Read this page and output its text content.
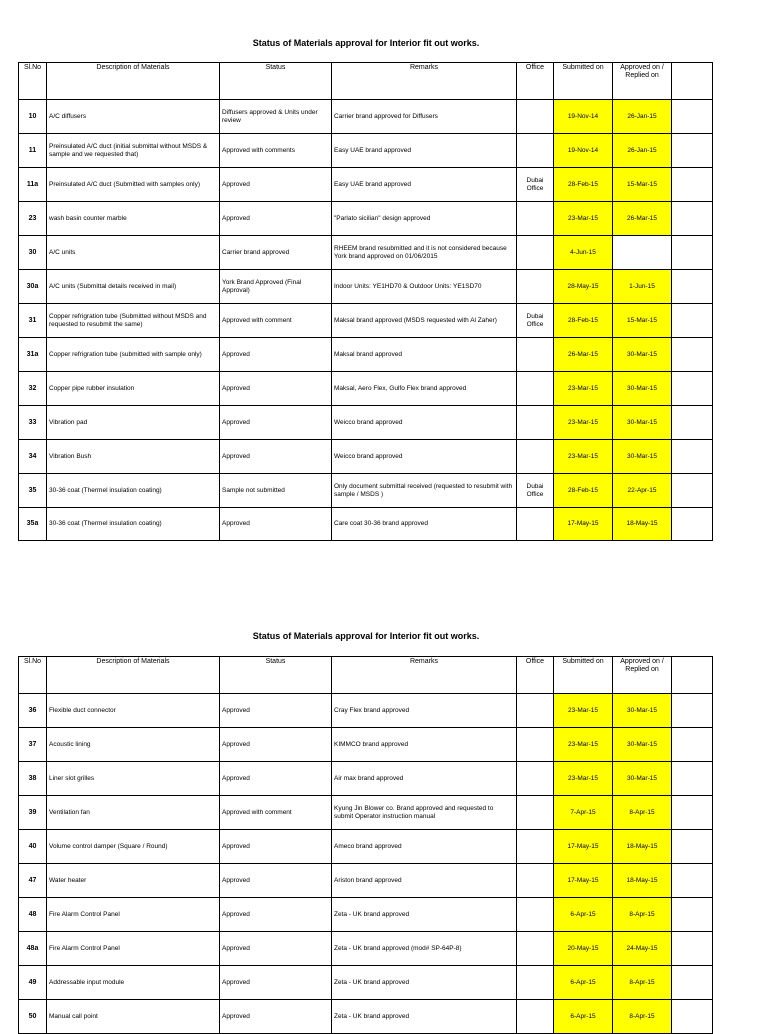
Status of Materials approval for Interior fit out works.
Sl.No	Description of Materials	Status	Remarks	Office	Submitted on	Approved on / Replied on	
10	A/C diffusers	Diffusers approved & Units under review	Carrier brand approved for Diffusers		19-Nov-14	26-Jan-15	
11	Preinsulated A/C duct (initial submittal without MSDS & sample and we requested that)	Approved with comments	Easy UAE brand approved		19-Nov-14	26-Jan-15	
11a	Preinsulated A/C duct (Submitted with samples only)	Approved	Easy UAE brand approved	Dubai Office	28-Feb-15	15-Mar-15	
23	wash basin counter marble	Approved	"Parlato sicilian" design approved		23-Mar-15	26-Mar-15	
30	A/C units	Carrier brand approved	RHEEM brand resubmitted and it is not considered because York brand approved on 01/06/2015		4-Jun-15		
30a	A/C units (Submittal details received in mail)	York Brand Approved (Final Approval)	Indoor Units: YE1HD70 & Outdoor Units: YE1SD70		28-May-15	1-Jun-15	
31	Copper refrigration tube (Submitted without MSDS and requested to resubmit the same)	Approved with comment	Maksal brand approved (MSDS requested with Al Zaher)	Dubai Office	28-Feb-15	15-Mar-15	
31a	Copper refrigration tube (submitted with sample only)	Approved	Maksal brand approved		26-Mar-15	30-Mar-15	
32	Copper pipe rubber insulation	Approved	Maksal, Aero Flex, Gulfo Flex brand approved		23-Mar-15	30-Mar-15	
33	Vibration pad	Approved	Weicco brand approved		23-Mar-15	30-Mar-15	
34	Vibration Bush	Approved	Weicco brand approved		23-Mar-15	30-Mar-15	
35	30-36 coat (Thermel insulation coating)	Sample not submitted	Only document submittal received (requested to resubmit with sample / MSDS )	Dubai Office	28-Feb-15	22-Apr-15	
35a	30-36 coat (Thermel insulation coating)	Approved	Care coat 30-36 brand approved		17-May-15	18-May-15	
Status of Materials approval for Interior fit out works.
Sl.No	Description of Materials	Status	Remarks	Office	Submitted on	Approved on / Replied on	
36	Flexible duct connector	Approved	Cray Flex brand approved		23-Mar-15	30-Mar-15	
37	Acoustic lining	Approved	KIMMCO brand approved		23-Mar-15	30-Mar-15	
38	Liner slot grilles	Approved	Air max brand approved		23-Mar-15	30-Mar-15	
39	Ventilation fan	Approved with comment	Kyung Jin Blower co. Brand approved and requested to submit Operator instruction manual		7-Apr-15	8-Apr-15	
40	Volume control damper (Square / Round)	Approved	Ameco brand approved		17-May-15	18-May-15	
47	Water heater	Approved	Ariston brand approved		17-May-15	18-May-15	
48	Fire Alarm Control Panel	Approved	Zeta - UK brand approved		6-Apr-15	8-Apr-15	
48a	Fire Alarm Control Panel	Approved	Zeta - UK brand approved (mod# SP-64P-8)		20-May-15	24-May-15	
49	Addressable input module	Approved	Zeta - UK brand approved		6-Apr-15	8-Apr-15	
50	Manual call point	Approved	Zeta - UK brand approved		6-Apr-15	8-Apr-15	
